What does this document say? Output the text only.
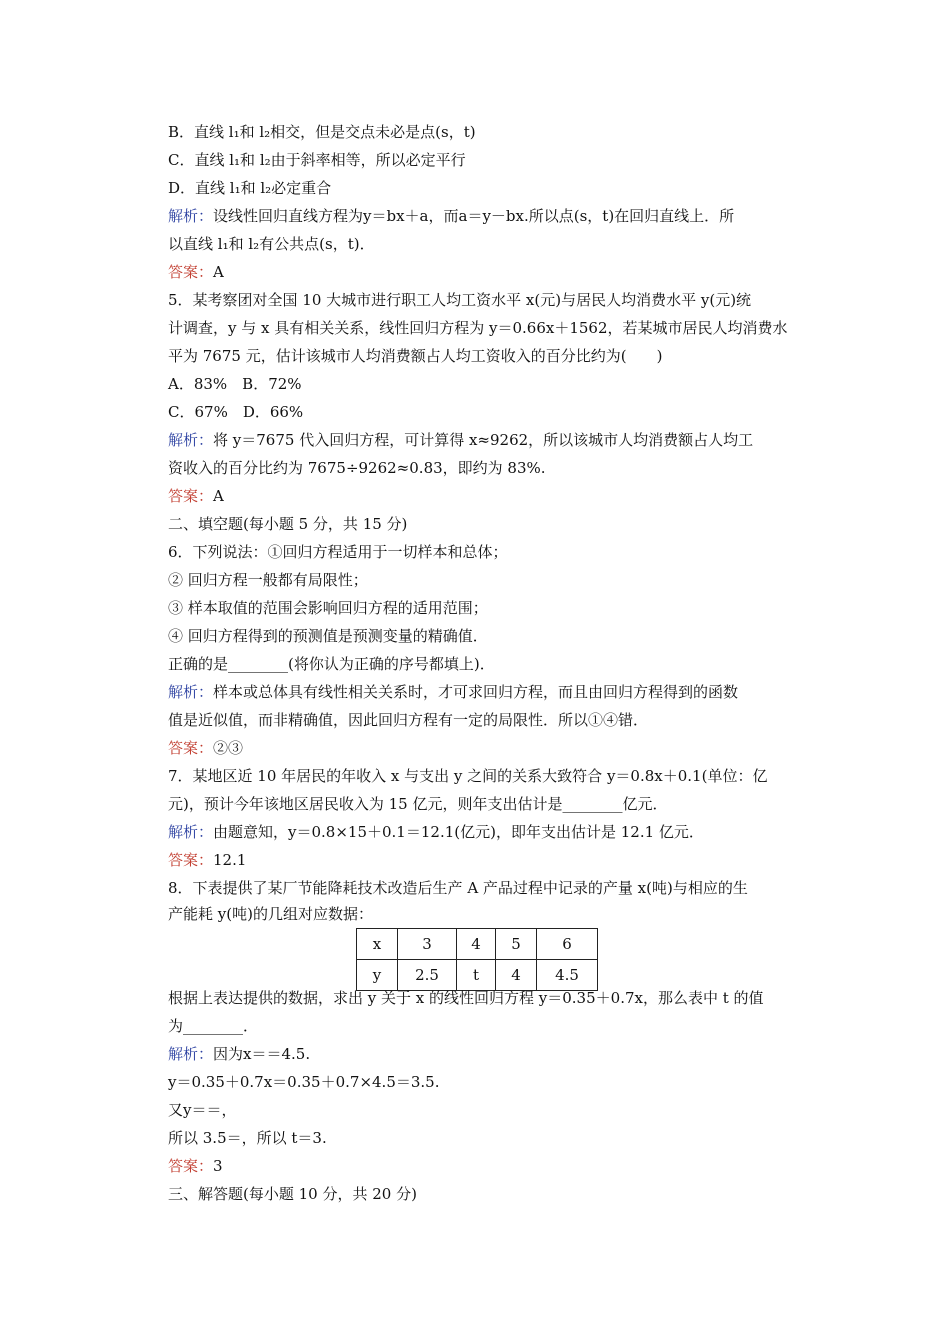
B．直线 l₁和 l₂相交，但是交点未必是点(s，t)
C．直线 l₁和 l₂由于斜率相等，所以必定平行
D．直线 l₁和 l₂必定重合
解析：设线性回归直线方程为y＝bx＋a，而a＝y－bx.所以点(s，t)在回归直线上．所
以直线 l₁和 l₂有公共点(s，t)．
答案：A
5．某考察团对全国 10 大城市进行职工人均工资水平 x(元)与居民人均消费水平 y(元)统
计调查，y 与 x 具有相关关系，线性回归方程为 y＝0.66x＋1562，若某城市居民人均消费水
平为 7675 元，估计该城市人均消费额占人均工资收入的百分比约为(　　)
A．83%　B．72%
C．67%　D．66%
解析：将 y＝7675 代入回归方程，可计算得 x≈9262，所以该城市人均消费额占人均工
资收入的百分比约为 7675÷9262≈0.83，即约为 83%.
答案：A
二、填空题(每小题 5 分，共 15 分)
6．下列说法：①回归方程适用于一切样本和总体；
② 回归方程一般都有局限性；
③ 样本取值的范围会影响回归方程的适用范围；
④ 回归方程得到的预测值是预测变量的精确值．
正确的是________(将你认为正确的序号都填上)．
解析：样本或总体具有线性相关关系时，才可求回归方程，而且由回归方程得到的函数
值是近似值，而非精确值，因此回归方程有一定的局限性．所以①④错．
答案：②③
7．某地区近 10 年居民的年收入 x 与支出 y 之间的关系大致符合 y＝0.8x＋0.1(单位：亿
元)，预计今年该地区居民收入为 15 亿元，则年支出估计是________亿元．
解析：由题意知，y＝0.8×15＋0.1＝12.1(亿元)，即年支出估计是 12.1 亿元．
答案：12.1
8．下表提供了某厂节能降耗技术改造后生产 A 产品过程中记录的产量 x(吨)与相应的生
产能耗 y(吨)的几组对应数据：
x	3	4	5	6
y	2.5	t	4	4.5
根据上表达提供的数据，求出 y 关于 x 的线性回归方程 y＝0.35＋0.7x，那么表中 t 的值
为________．
解析：因为x＝＝4.5.
y＝0.35＋0.7x＝0.35＋0.7×4.5＝3.5.
又y＝＝，
所以 3.5＝，所以 t＝3.
答案：3
三、解答题(每小题 10 分，共 20 分)
